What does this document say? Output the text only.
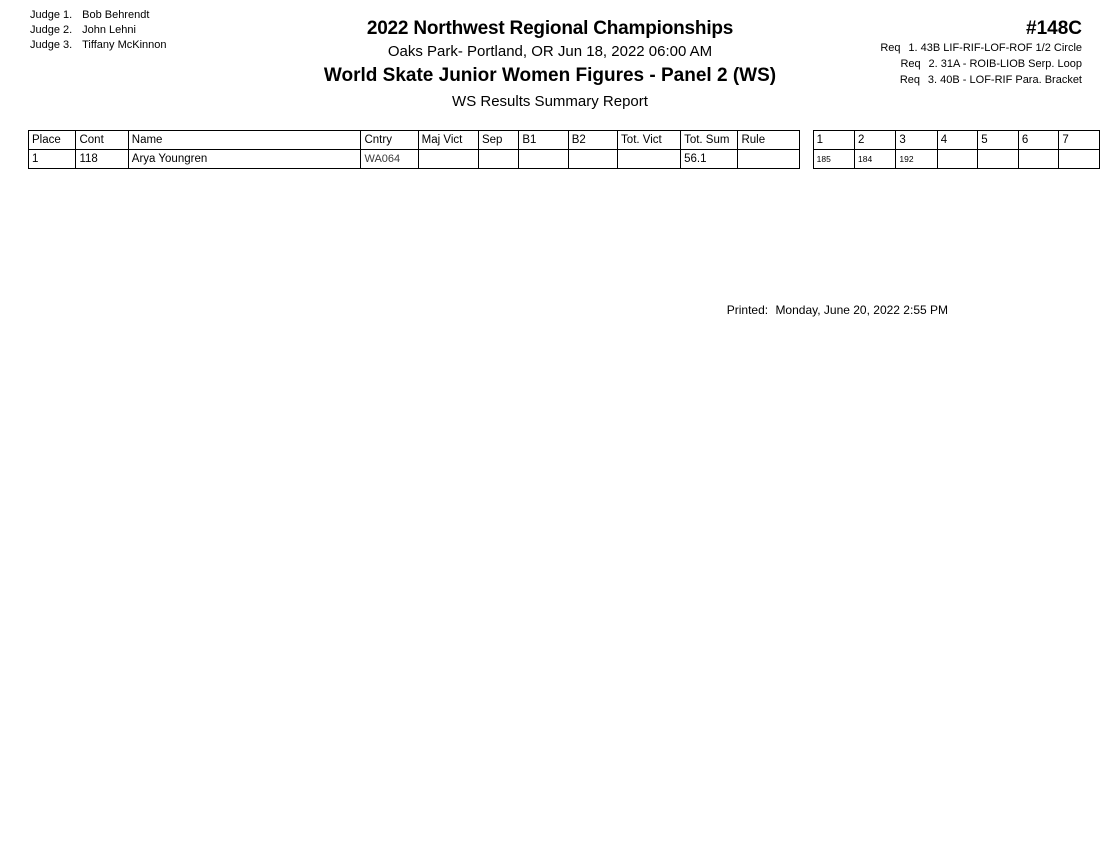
Judge 1. Bob Behrendt
Judge 2. John Lehni
Judge 3. Tiffany McKinnon
2022 Northwest Regional Championships
Oaks Park- Portland, OR Jun 18, 2022 06:00 AM
World Skate Junior Women Figures - Panel 2 (WS)
WS Results Summary Report
#148C
Req 1. 43B LIF-RIF-LOF-ROF 1/2 Circle
Req 2. 31A - ROIB-LIOB Serp. Loop
Req 3. 40B - LOF-RIF Para. Bracket
Place	Cont	Name	Cntry	Maj Vict	Sep	B1	B2	Tot. Vict	Tot. Sum	Rule		1	2	3	4	5	6	7
1	118	Arya Youngren	WA064						56.1			185	184	192				
Printed: Monday, June 20, 2022 2:55 PM
